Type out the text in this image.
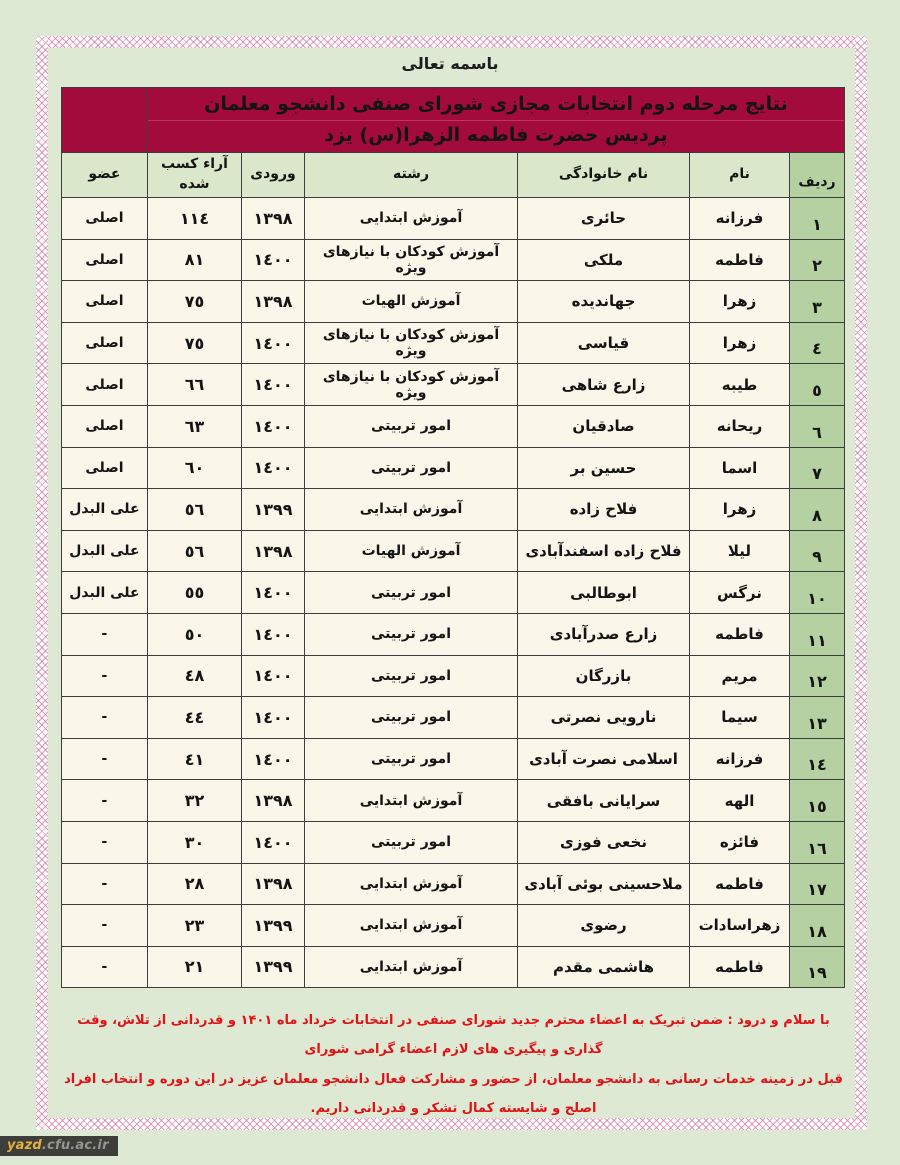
باسمه تعالی
نتایج مرحله دوم انتخابات مجازی شورای صنفی دانشجو معلمان
پردیس حضرت فاطمه الزهرا(س) یزد						

ردیف	نام	نام خانوادگی	رشته	ورودی	آراء کسب شده	عضو
١	فرزانه	حائری	آموزش ابتدایی	١٣٩٨	١١٤	اصلی
٢	فاطمه	ملکی	آموزش کودکان با نیازهای ویژه	١٤٠٠	٨١	اصلی
٣	زهرا	جهاندیده	آموزش الهیات	١٣٩٨	٧٥	اصلی
٤	زهرا	قیاسی	آموزش کودکان با نیازهای ویژه	١٤٠٠	٧٥	اصلی
٥	طیبه	زارع شاهی	آموزش کودکان با نیازهای ویژه	١٤٠٠	٦٦	اصلی
٦	ریحانه	صادقیان	امور تربیتی	١٤٠٠	٦٣	اصلی
٧	اسما	حسین بر	امور تربیتی	١٤٠٠	٦٠	اصلی
٨	زهرا	فلاح زاده	آموزش ابتدایی	١٣٩٩	٥٦	علی البدل
٩	لیلا	فلاح زاده اسفندآبادی	آموزش الهیات	١٣٩٨	٥٦	علی البدل
١٠	نرگس	ابوطالبی	امور تربیتی	١٤٠٠	٥٥	علی البدل
١١	فاطمه	زارع صدرآبادی	امور تربیتی	١٤٠٠	٥٠	-
١٢	مریم	بازرگان	امور تربیتی	١٤٠٠	٤٨	-
١٣	سیما	نارویی نصرتی	امور تربیتی	١٤٠٠	٤٤	-
١٤	فرزانه	اسلامی نصرت آبادی	امور تربیتی	١٤٠٠	٤١	-
١٥	الهه	سرایانی بافقی	آموزش ابتدایی	١٣٩٨	٣٢	-
١٦	فائزه	نخعی فوزی	امور تربیتی	١٤٠٠	٣٠	-
١٧	فاطمه	ملاحسینی بوئی آبادی	آموزش ابتدایی	١٣٩٨	٢٨	-
١٨	زهراسادات	رضوی	آموزش ابتدایی	١٣٩٩	٢٣	-
١٩	فاطمه	هاشمی مقدم	آموزش ابتدایی	١٣٩٩	٢١	-
با سلام و درود : ضمن تبریک به اعضاء محترم جدید شورای صنفی در انتخابات خرداد ماه ۱۴۰۱ و قدردانی از تلاش، وقت گذاری و پیگیری های لازم اعضاء گرامی شورای
قبل در زمینه خدمات رسانی به دانشجو معلمان، از حضور و مشارکت فعال دانشجو معلمان عزیز در این دوره و انتخاب افراد اصلح و شایسته کمال تشکر و قدردانی داریم.
yazd.cfu.ac.ir
